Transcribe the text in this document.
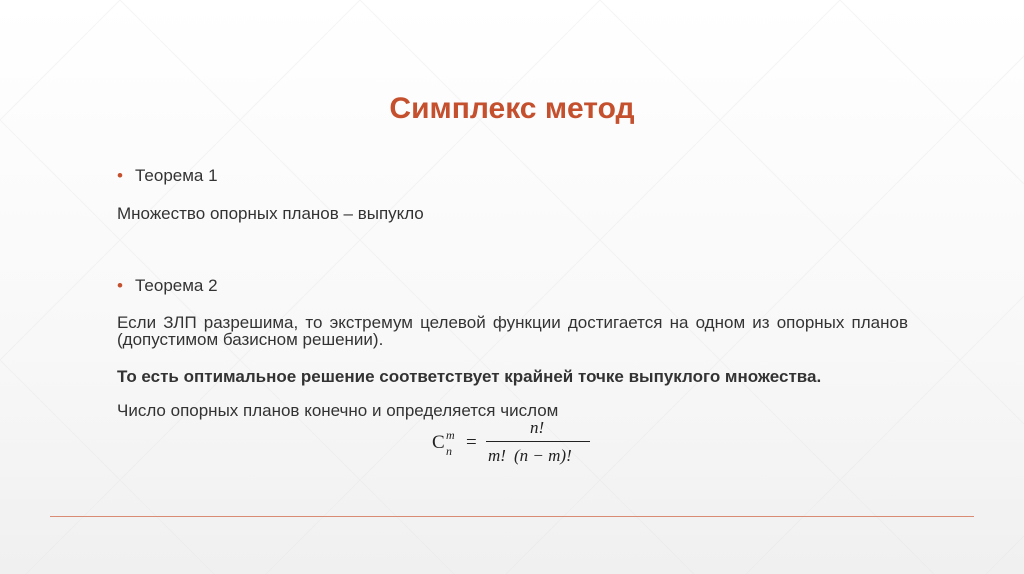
Симплекс метод
• Теорема 1
Множество опорных планов – выпуклo
• Теорема 2
Если ЗЛП разрешима, то экстремум целевой функции достигается на одном из опорных планов (допустимом базисном решении).
То есть оптимальное решение соответствует крайней точке выпуклого множества.
Число опорных планов конечно и определяется числом
C m
n =
n!
m! (n − m)!
